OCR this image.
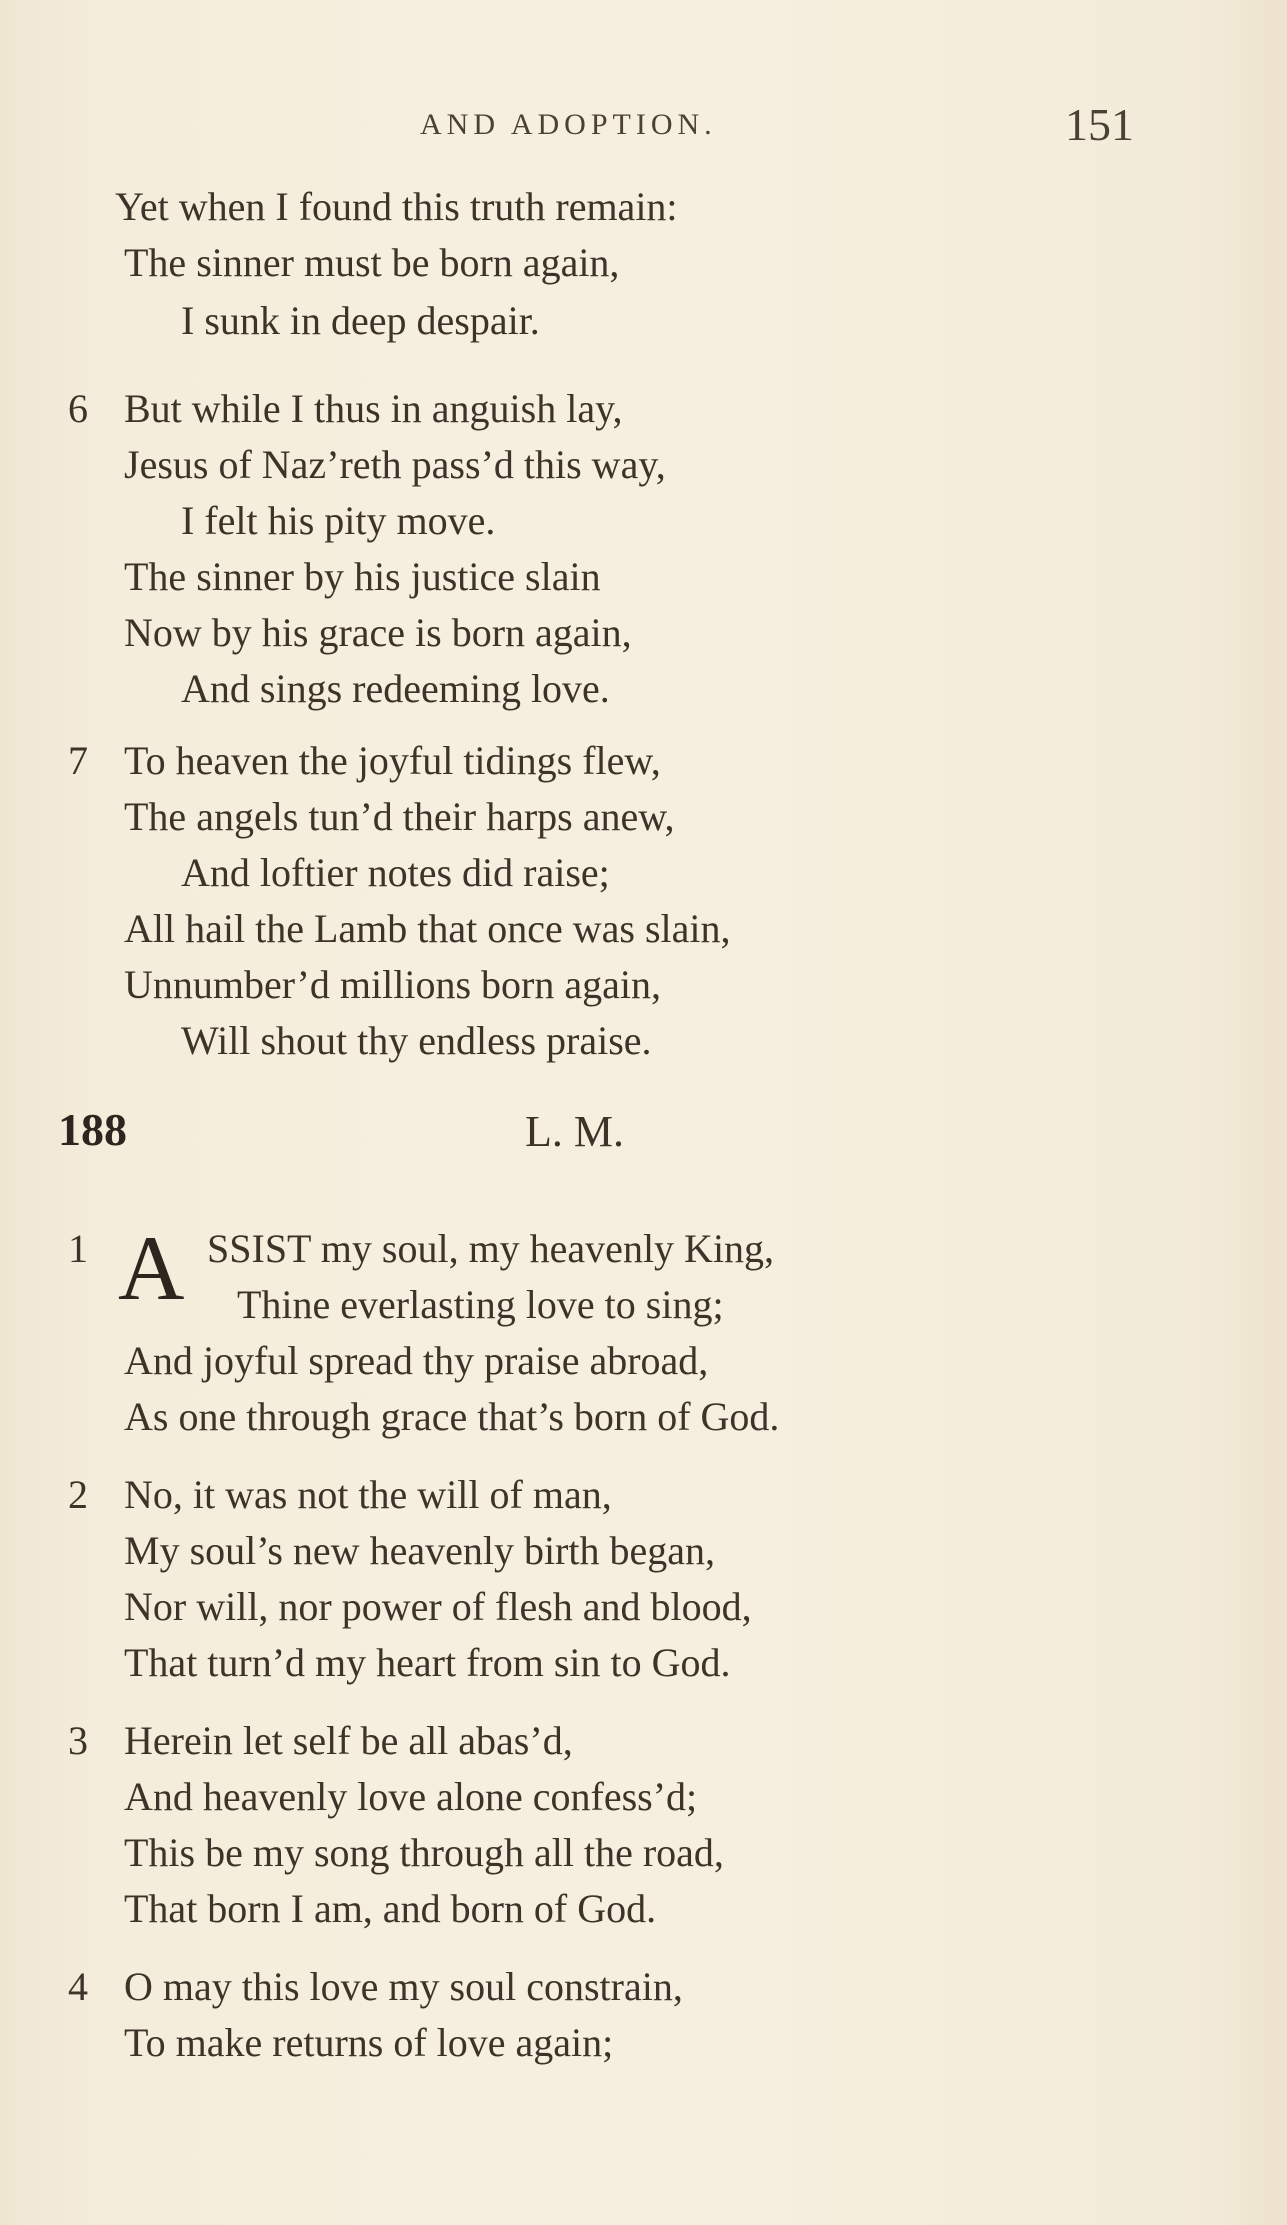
AND ADOPTION.	151
Yet when I found this truth remain:
The sinner must be born again,
I sunk in deep despair.
6 But while I thus in anguish lay,
Jesus of Naz’reth pass’d this way,
I felt his pity move.
The sinner by his justice slain
Now by his grace is born again,
And sings redeeming love.
7 To heaven the joyful tidings flew,
The angels tun’d their harps anew,
And loftier notes did raise;
All hail the Lamb that once was slain,
Unnumber’d millions born again,
Will shout thy endless praise.
188	L. M.
1 A SSIST my soul, my heavenly King,
Thine everlasting love to sing;
And joyful spread thy praise abroad,
As one through grace that’s born of God.
2 No, it was not the will of man,
My soul’s new heavenly birth began,
Nor will, nor power of flesh and blood,
That turn’d my heart from sin to God.
3 Herein let self be all abas’d,
And heavenly love alone confess’d;
This be my song through all the road,
That born I am, and born of God.
4 O may this love my soul constrain,
To make returns of love again;
